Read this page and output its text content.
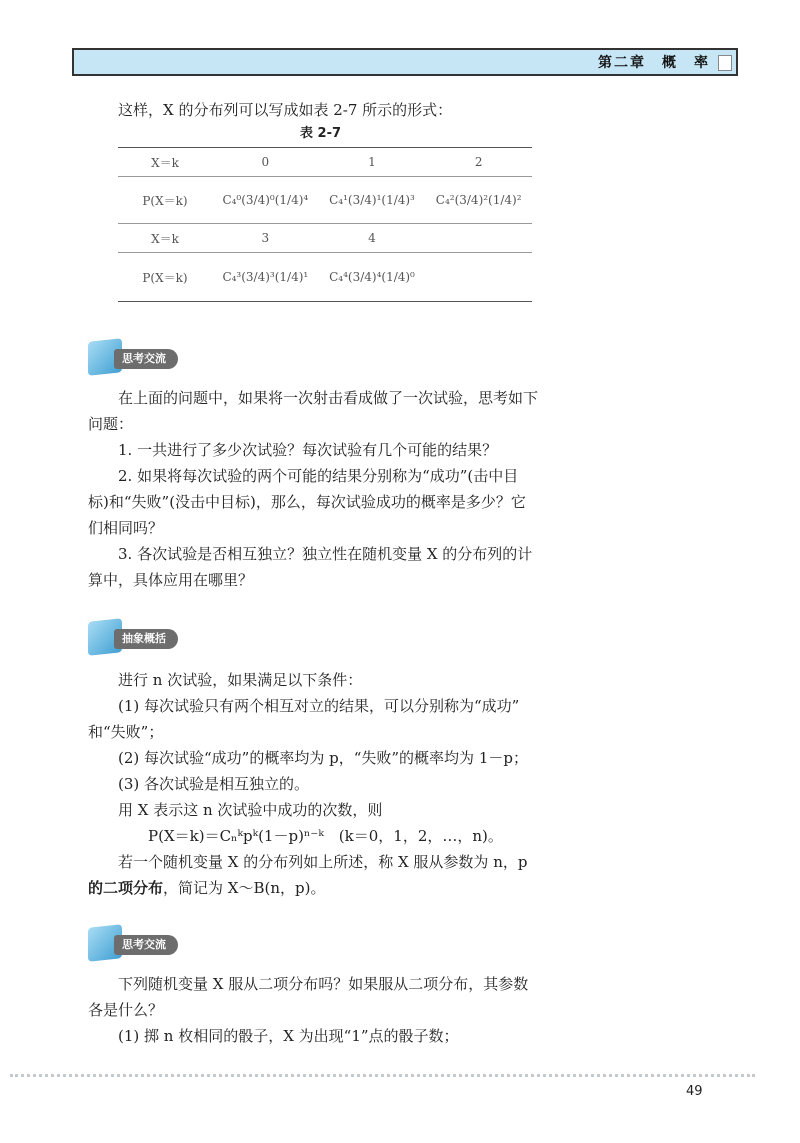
第二章　概　率
这样，X 的分布列可以写成如表 2-7 所示的形式：
表 2-7
X＝k	0	1	2
P(X＝k)	C₄⁰(3/4)⁰(1/4)⁴	C₄¹(3/4)¹(1/4)³	C₄²(3/4)²(1/4)²
X＝k	3	4	
P(X＝k)	C₄³(3/4)³(1/4)¹	C₄⁴(3/4)⁴(1/4)⁰	
思考交流
在上面的问题中，如果将一次射击看成做了一次试验，思考如下
问题：
1. 一共进行了多少次试验？每次试验有几个可能的结果？
2. 如果将每次试验的两个可能的结果分别称为“成功”(击中目
标)和“失败”(没击中目标)，那么，每次试验成功的概率是多少？它
们相同吗？
3. 各次试验是否相互独立？独立性在随机变量 X 的分布列的计
算中，具体应用在哪里？
抽象概括
进行 n 次试验，如果满足以下条件：
(1) 每次试验只有两个相互对立的结果，可以分别称为“成功”
和“失败”；
(2) 每次试验“成功”的概率均为 p，“失败”的概率均为 1－p；
(3) 各次试验是相互独立的。
用 X 表示这 n 次试验中成功的次数，则
P(X＝k)＝Cₙᵏpᵏ(1－p)ⁿ⁻ᵏ　(k＝0，1，2，…，n)。
若一个随机变量 X 的分布列如上所述，称 X 服从参数为 n，p
的二项分布，简记为 X～B(n，p)。
思考交流
下列随机变量 X 服从二项分布吗？如果服从二项分布，其参数
各是什么？
(1) 掷 n 枚相同的骰子，X 为出现“1”点的骰子数；
49
